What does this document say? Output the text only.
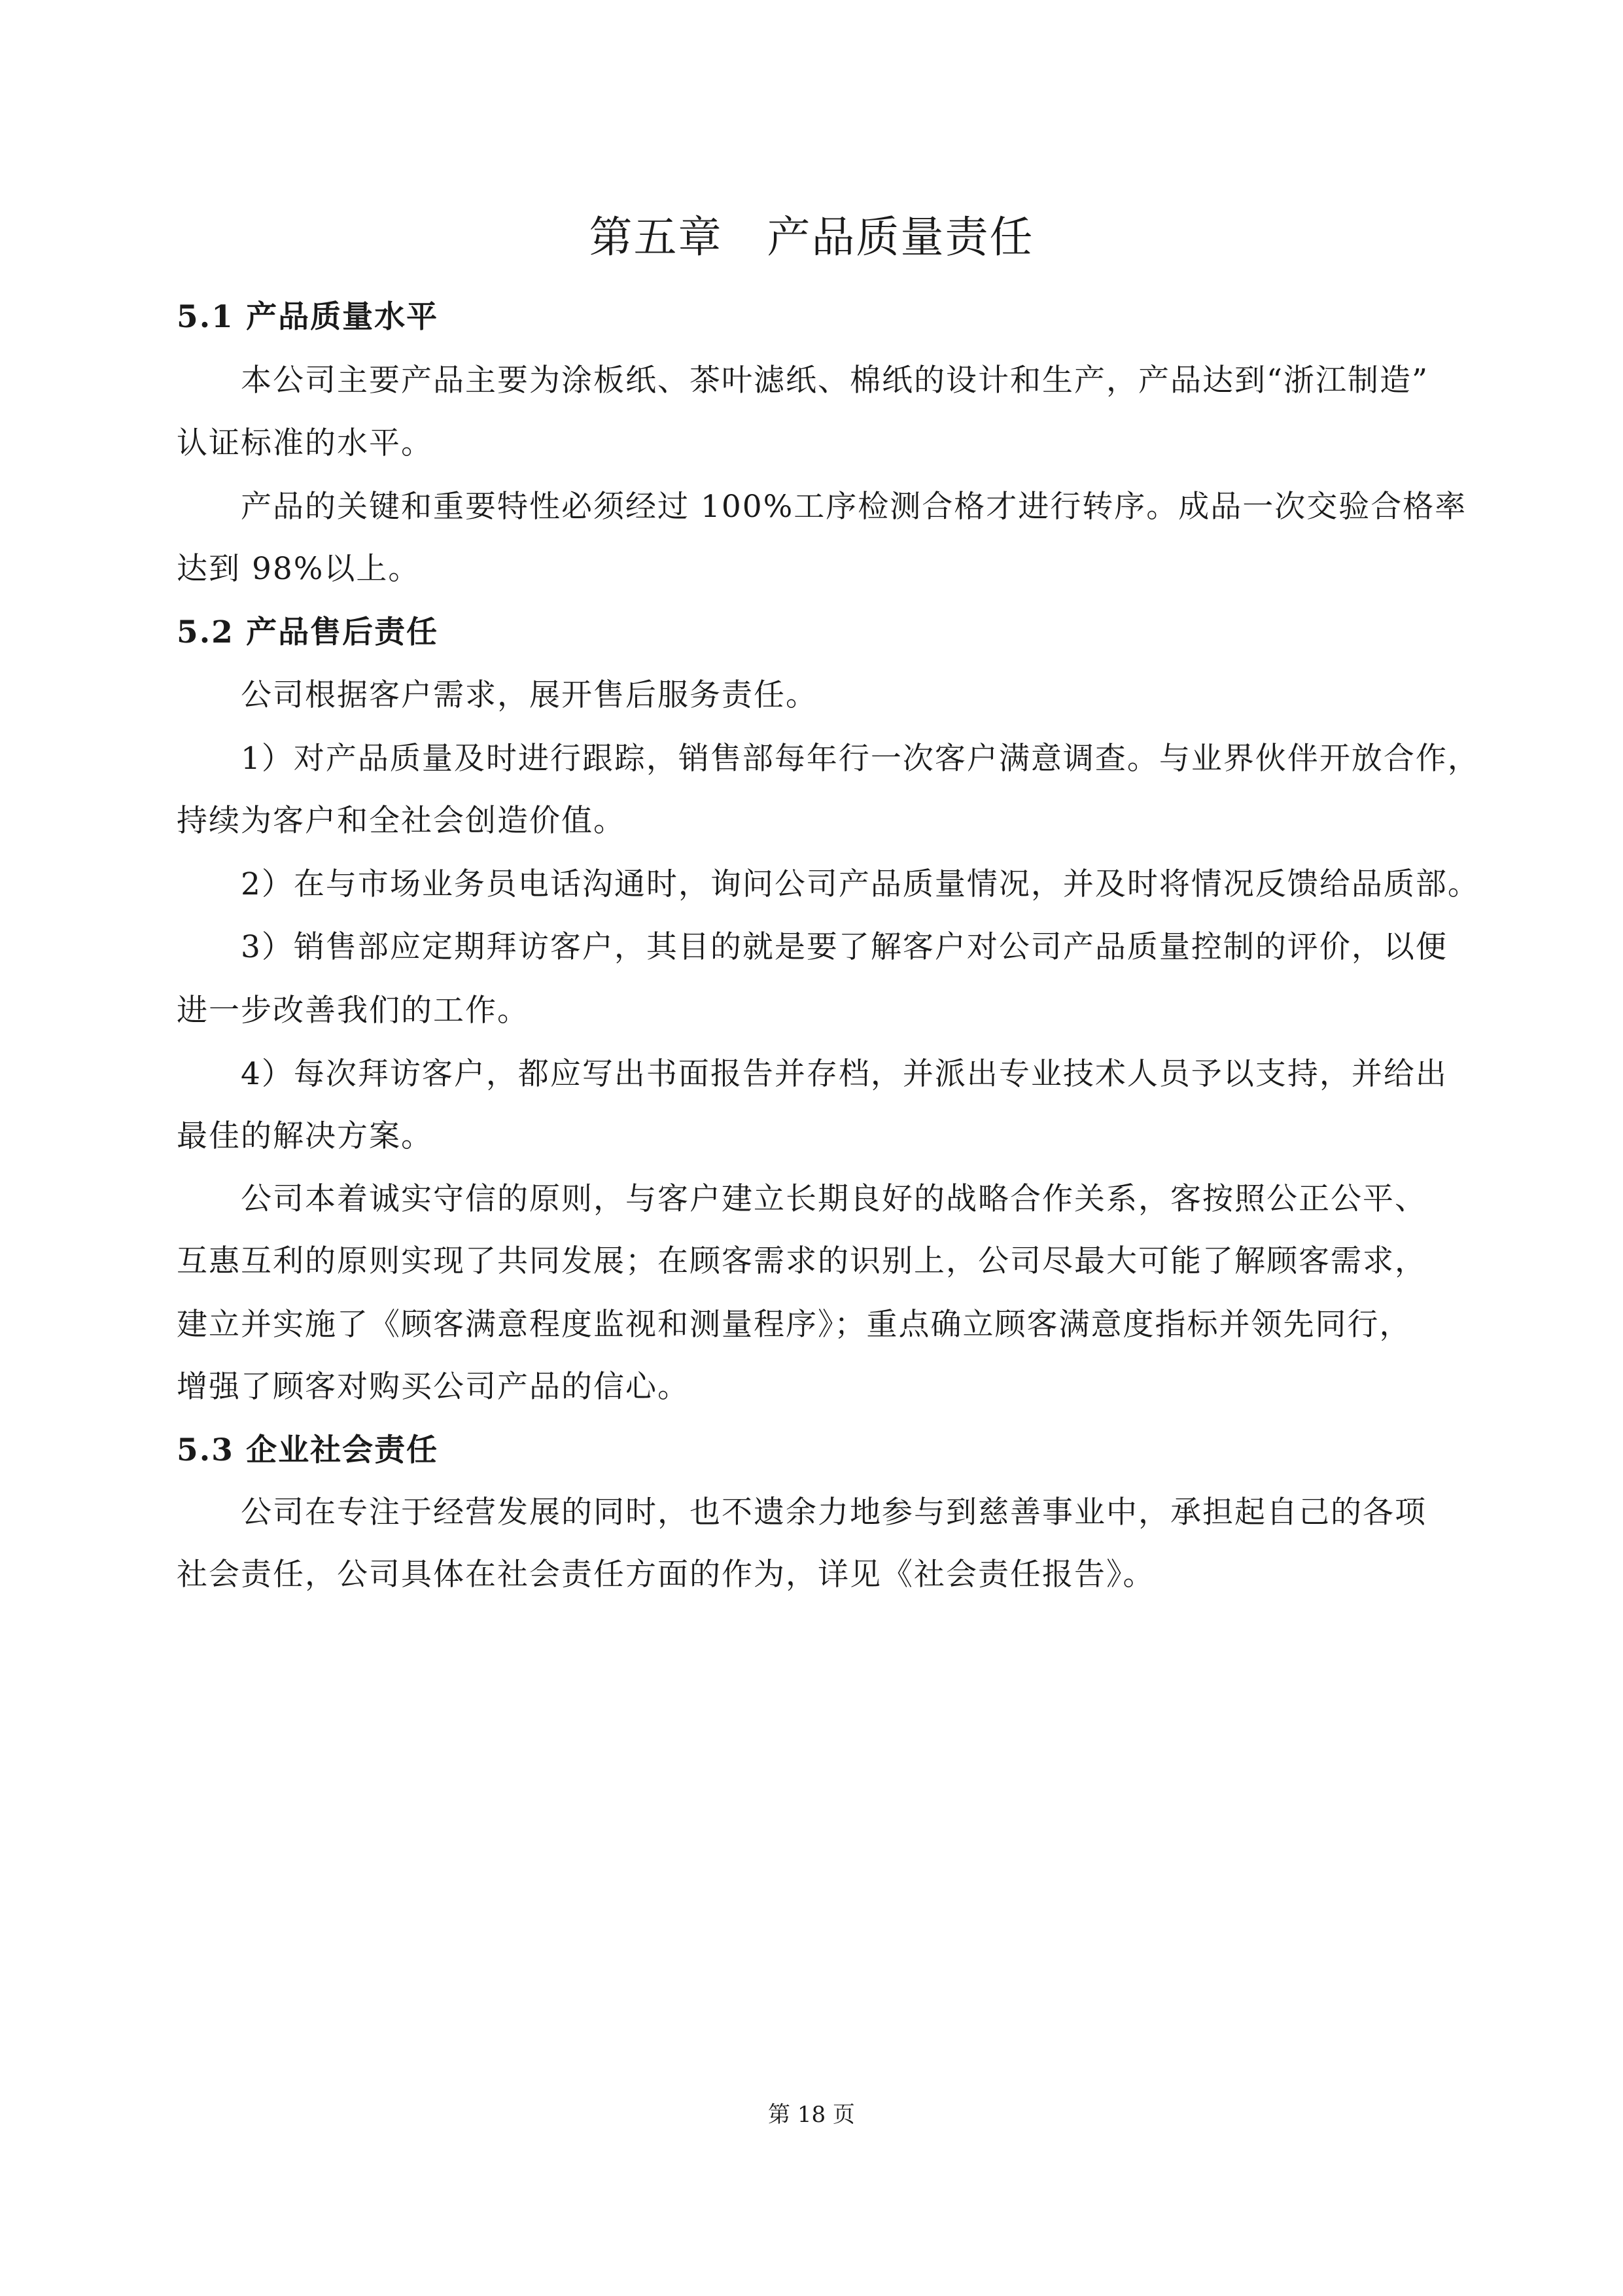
第五章　产品质量责任
5.1 产品质量水平
本公司主要产品主要为涂板纸、茶叶滤纸、棉纸的设计和生产，产品达到“浙江制造”
认证标准的水平。
产品的关键和重要特性必须经过 100%工序检测合格才进行转序。成品一次交验合格率
达到 98%以上。
5.2 产品售后责任
公司根据客户需求，展开售后服务责任。
1）对产品质量及时进行跟踪，销售部每年行一次客户满意调查。与业界伙伴开放合作，
持续为客户和全社会创造价值。
2）在与市场业务员电话沟通时，询问公司产品质量情况，并及时将情况反馈给品质部。
3）销售部应定期拜访客户，其目的就是要了解客户对公司产品质量控制的评价，以便
进一步改善我们的工作。
4）每次拜访客户，都应写出书面报告并存档，并派出专业技术人员予以支持，并给出
最佳的解决方案。
公司本着诚实守信的原则，与客户建立长期良好的战略合作关系，客按照公正公平、
互惠互利的原则实现了共同发展；在顾客需求的识别上，公司尽最大可能了解顾客需求，
建立并实施了《顾客满意程度监视和测量程序》；重点确立顾客满意度指标并领先同行，
增强了顾客对购买公司产品的信心。
5.3 企业社会责任
公司在专注于经营发展的同时，也不遗余力地参与到慈善事业中，承担起自己的各项
社会责任，公司具体在社会责任方面的作为，详见《社会责任报告》。
第 18 页
